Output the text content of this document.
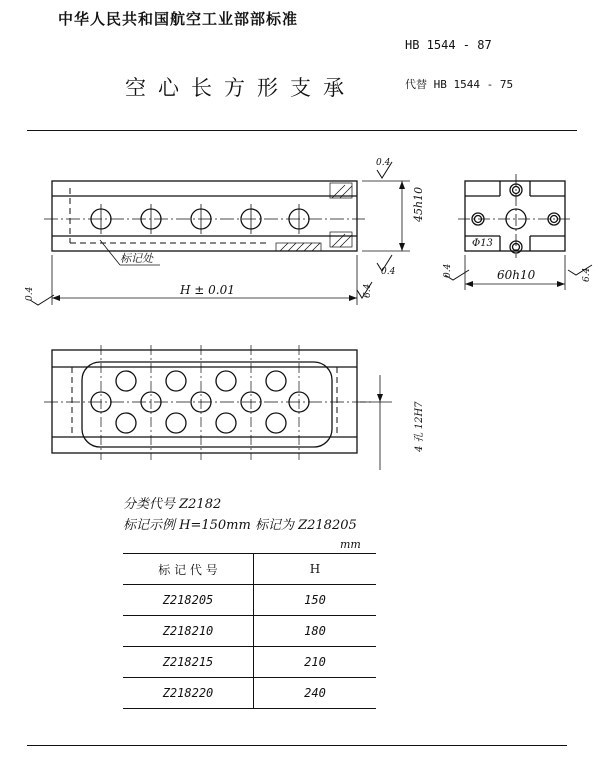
中华人民共和国航空工业部部标准
HB 1544 - 87
空心长方形支承	代替 HB 1544 - 75
0.4
0.4
0.4
0.4
6.4
6.4
标记处
H ± 0.01
45h10
60h10
Φ13
4 孔 12H7
分类代号 Z2182
标记示例 H=150mm 标记为 Z218205
mm
标 记 代 号	H
Z218205	150
Z218210	180
Z218215	210
Z218220	240
